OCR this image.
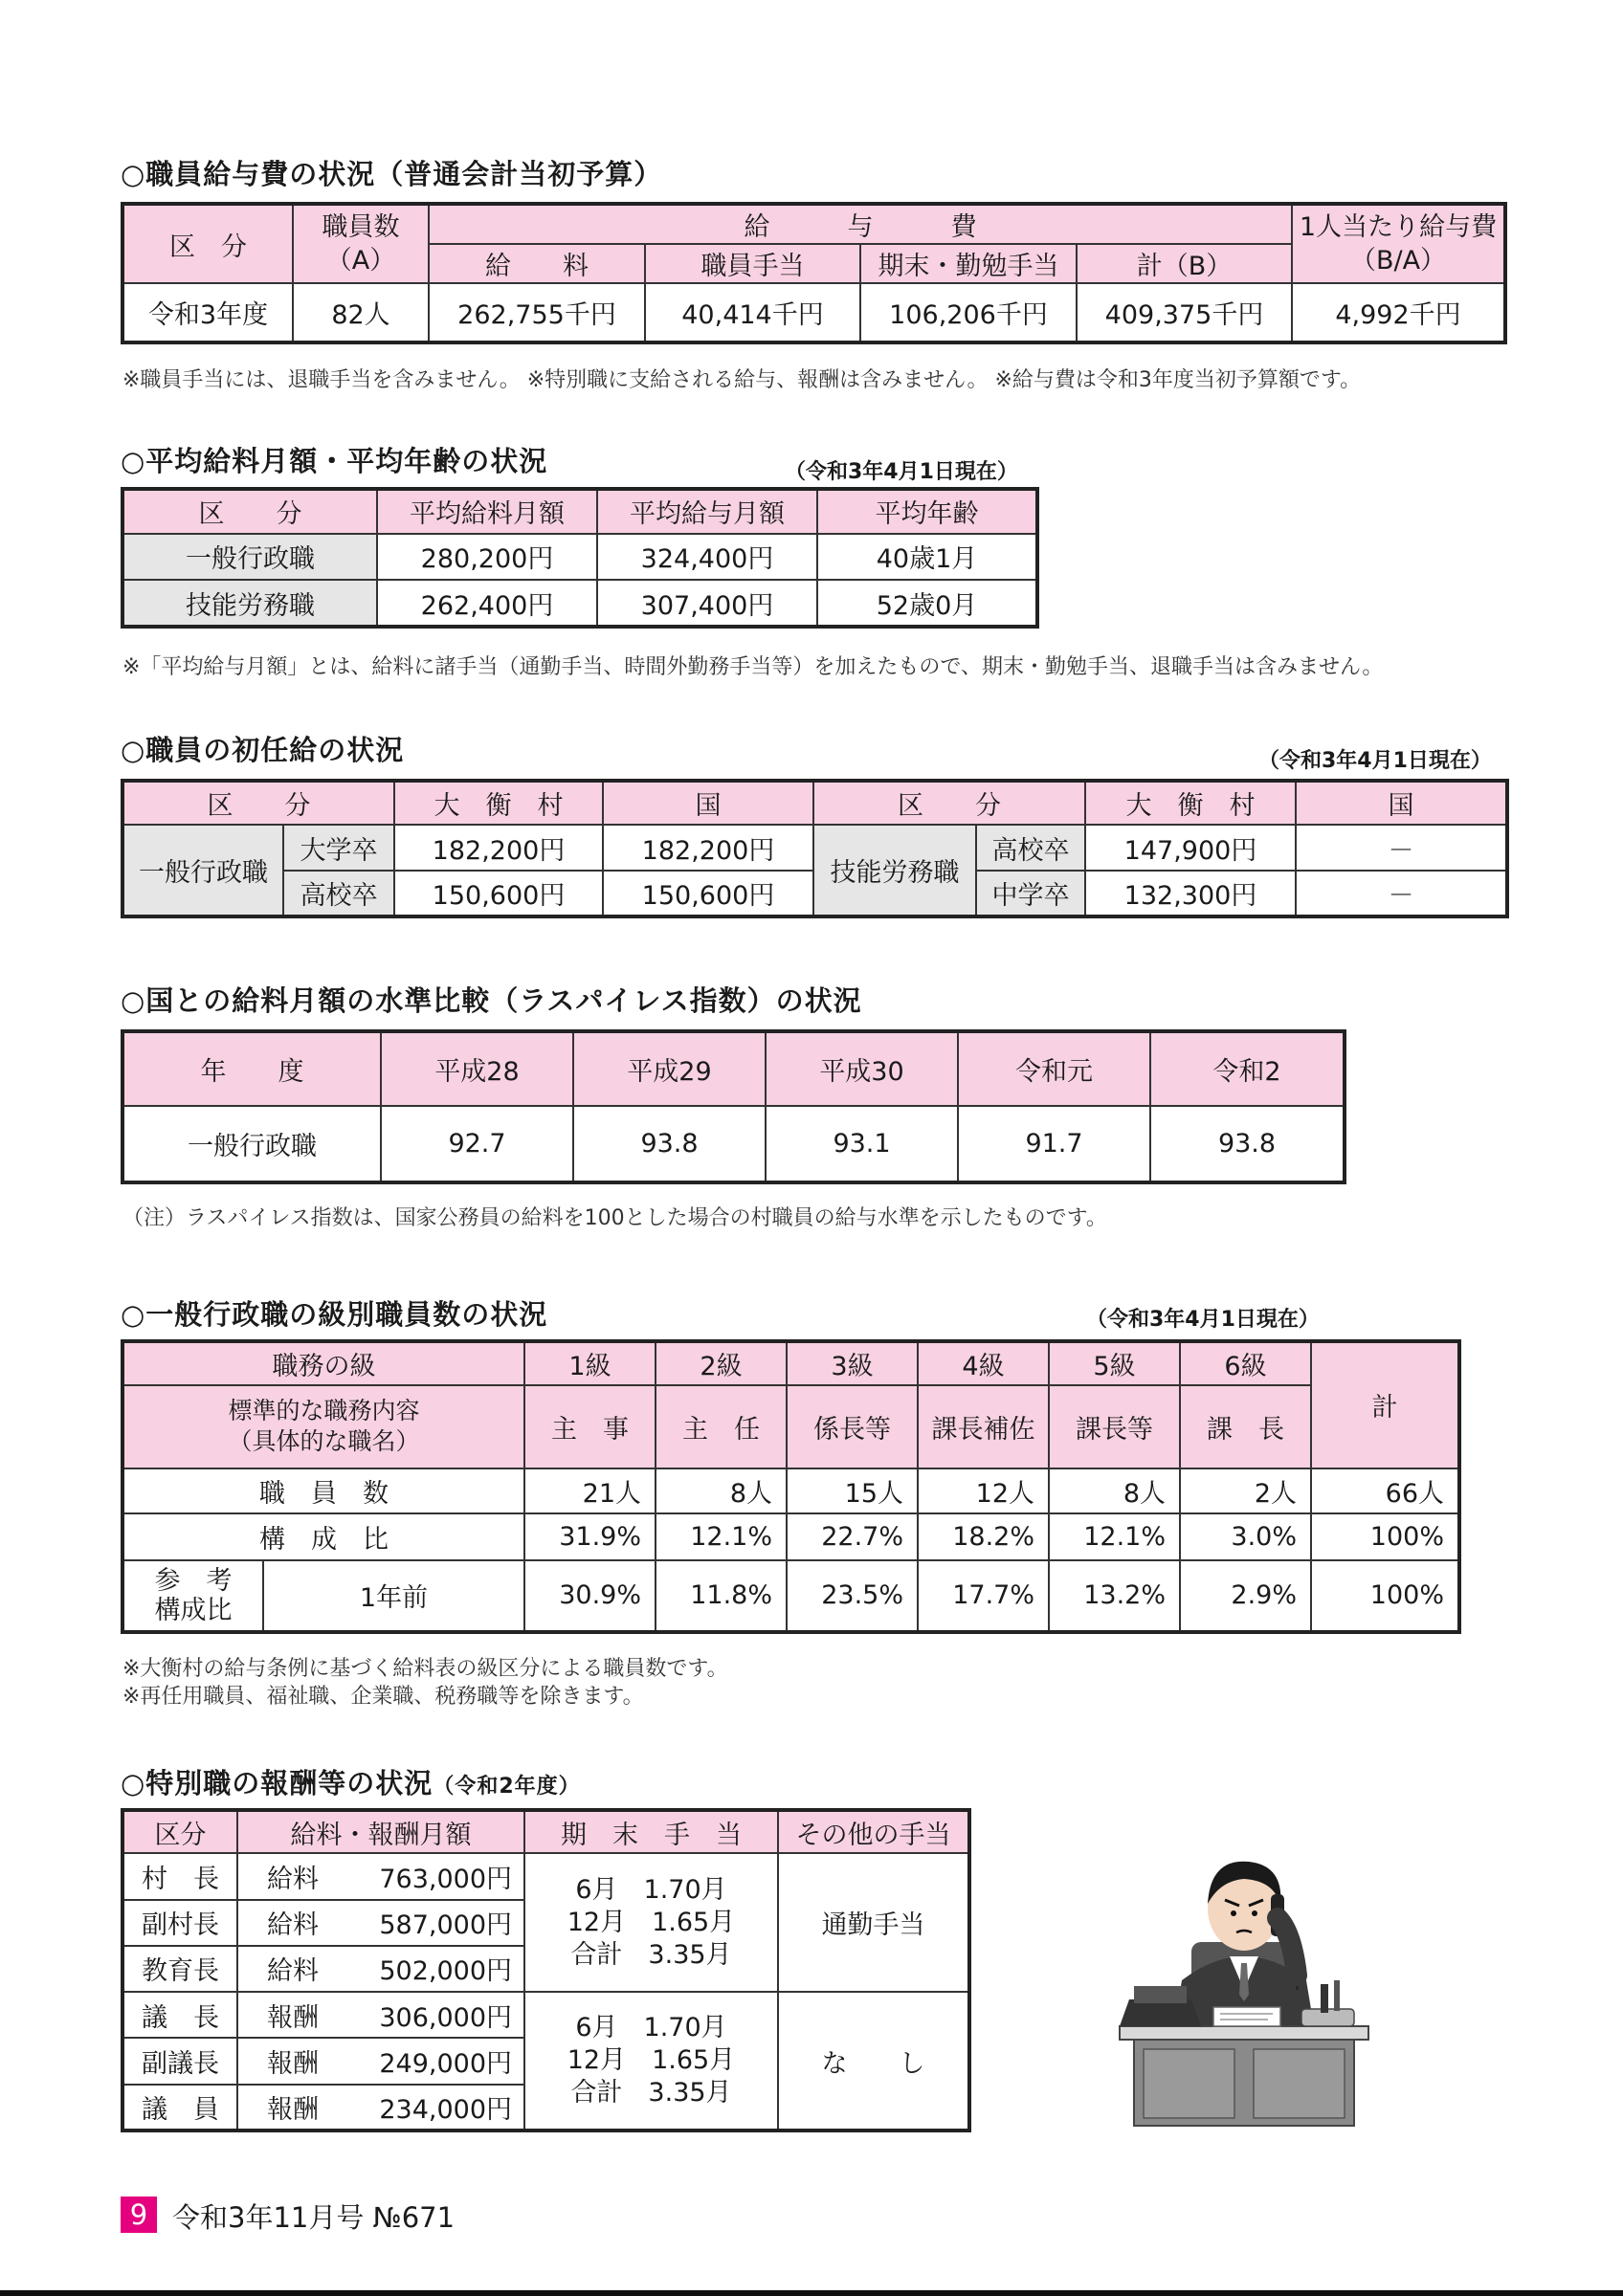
○職員給与費の状況（普通会計当初予算）
区　分	職員数
（A）	給　　　与　　　費				1人当たり給与費
（B/A）
		給　　料	職員手当	期末・勤勉手当	計（B）	
令和3年度	82人	262,755千円	40,414千円	106,206千円	409,375千円	4,992千円
※職員手当には、退職手当を含みません。 ※特別職に支給される給与、報酬は含みません。 ※給与費は令和3年度当初予算額です。
○平均給料月額・平均年齢の状況	（令和3年4月1日現在）
区　　分	平均給料月額	平均給与月額	平均年齢
一般行政職	280,200円	324,400円	40歳1月
技能労務職	262,400円	307,400円	52歳0月
※「平均給与月額」とは、給料に諸手当（通勤手当、時間外勤務手当等）を加えたもので、期末・勤勉手当、退職手当は含みません。
○職員の初任給の状況	（令和3年4月1日現在）
区　　分		大　衡　村	国	区　　分		大　衡　村	国
一般行政職	大学卒	182,200円	182,200円	技能労務職	高校卒	147,900円	－
	高校卒	150,600円	150,600円		中学卒	132,300円	－
○国との給料月額の水準比較（ラスパイレス指数）の状況
年　　度	平成28	平成29	平成30	令和元	令和2
一般行政職	92.7	93.8	93.1	91.7	93.8
（注）ラスパイレス指数は、国家公務員の給料を100とした場合の村職員の給与水準を示したものです。
○一般行政職の級別職員数の状況	（令和3年4月1日現在）
職務の級		1級	2級	3級	4級	5級	6級	計
標準的な職務内容
（具体的な職名）		主　事	主　任	係長等	課長補佐	課長等	課　長	
職　員　数		21人	8人	15人	12人	8人	2人	66人
構　成　比		31.9%	12.1%	22.7%	18.2%	12.1%	3.0%	100%
参　考
構成比	1年前	30.9%	11.8%	23.5%	17.7%	13.2%	2.9%	100%
※大衡村の給与条例に基づく給料表の級区分による職員数です。
※再任用職員、福祉職、企業職、税務職等を除きます。
○特別職の報酬等の状況（令和2年度）
区分	給料・報酬月額	期　末　手　当	その他の手当
村　長	給料 763,000円	6月　1.70月
12月　1.65月
合計　3.35月	通勤手当
副村長	給料 587,000円		

教育長	給料 502,000円		

議　長	報酬 306,000円	6月　1.70月
12月　1.65月
合計　3.35月	な　　し
副議長	報酬 249,000円		

議　員	報酬 234,000円		
9 令和3年11月号 №671
